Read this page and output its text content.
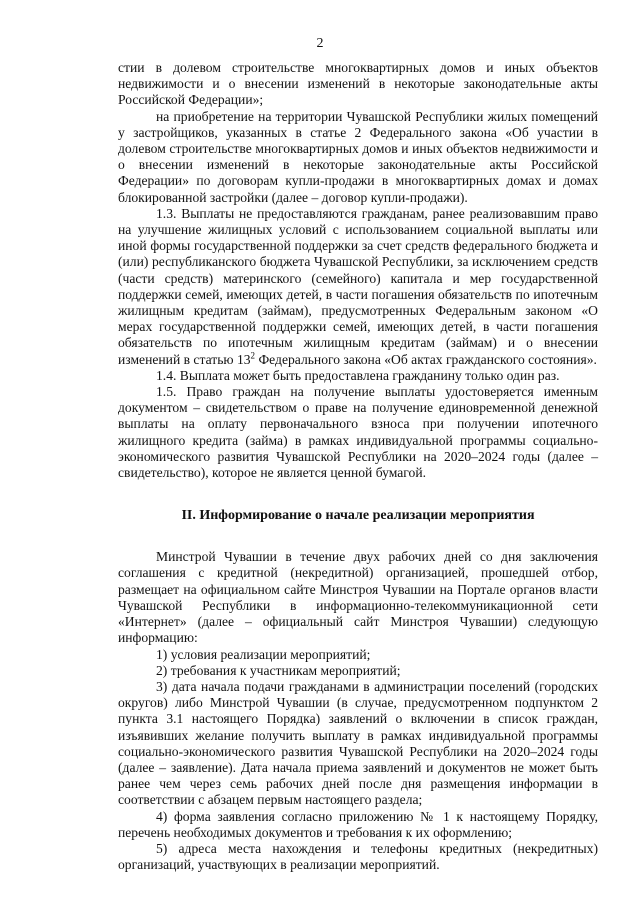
2

стии в долевом строительстве многоквартирных домов и иных объектов недвижимости и о внесении изменений в некоторые законодательные акты Российской Федерации»;

на приобретение на территории Чувашской Республики жилых помещений у застройщиков, указанных в статье 2 Федерального закона «Об участии в долевом строительстве многоквартирных домов и иных объектов недвижимости и о внесении изменений в некоторые законодательные акты Российской Федерации» по договорам купли-продажи в многоквартирных домах и домах блокированной застройки (далее – договор купли-продажи).

1.3. Выплаты не предоставляются гражданам, ранее реализовавшим право на улучшение жилищных условий с использованием социальной выплаты или иной формы государственной поддержки за счет средств федерального бюджета и (или) республиканского бюджета Чувашской Республики, за исключением средств (части средств) материнского (семейного) капитала и мер государственной поддержки семей, имеющих детей, в части погашения обязательств по ипотечным жилищным кредитам (займам), предусмотренных Федеральным законом «О мерах государственной поддержки семей, имеющих детей, в части погашения обязательств по ипотечным жилищным кредитам (займам) и о внесении изменений в статью $13^2$ Федерального закона «Об актах гражданского состояния».

1.4. Выплата может быть предоставлена гражданину только один раз.

1.5. Право граждан на получение выплаты удостоверяется именным документом – свидетельством о праве на получение единовременной денежной выплаты на оплату первоначального взноса при получении ипотечного жилищного кредита (займа) в рамках индивидуальной программы социально-экономического развития Чувашской Республики на 2020–2024 годы (далее – свидетельство), которое не является ценной бумагой.

II. Информирование о начале реализации мероприятия

Минстрой Чувашии в течение двух рабочих дней со дня заключения соглашения с кредитной (некредитной) организацией, прошедшей отбор, размещает на официальном сайте Минстроя Чувашии на Портале органов власти Чувашской Республики в информационно-телекоммуникационной сети «Интернет» (далее – официальный сайт Минстроя Чувашии) следующую информацию:

1) условия реализации мероприятий;

2) требования к участникам мероприятий;

3) дата начала подачи гражданами в администрации поселений (городских округов) либо Минстрой Чувашии (в случае, предусмотренном подпунктом 2 пункта 3.1 настоящего Порядка) заявлений о включении в список граждан, изъявивших желание получить выплату в рамках индивидуальной программы социально-экономического развития Чувашской Республики на 2020–2024 годы (далее – заявление). Дата начала приема заявлений и документов не может быть ранее чем через семь рабочих дней после дня размещения информации в соответствии с абзацем первым настоящего раздела;

4) форма заявления согласно приложению № 1 к настоящему Порядку, перечень необходимых документов и требования к их оформлению;

5) адреса места нахождения и телефоны кредитных (некредитных) организаций, участвующих в реализации мероприятий.
